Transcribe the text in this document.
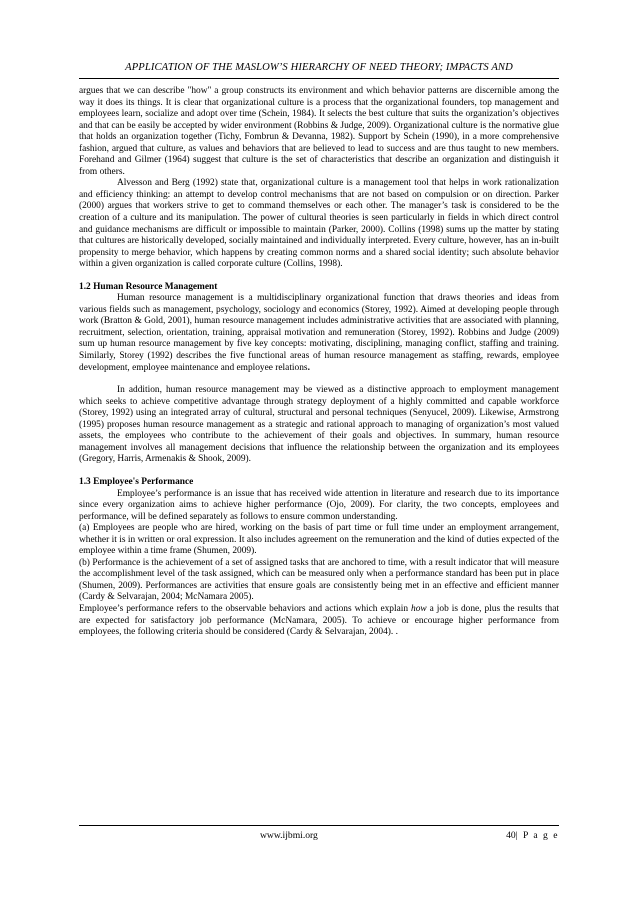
APPLICATION OF THE MASLOW’S HIERARCHY OF NEED THEORY; IMPACTS AND

argues that we can describe "how" a group constructs its environment and which behavior patterns are discernible among the way it does its things. It is clear that organizational culture is a process that the organizational founders, top management and employees learn, socialize and adopt over time (Schein, 1984). It selects the best culture that suits the organization’s objectives and that can be easily be accepted by wider environment (Robbins & Judge, 2009). Organizational culture is the normative glue that holds an organization together (Tichy, Fombrun & Devanna, 1982). Support by Schein (1990), in a more comprehensive fashion, argued that culture, as values and behaviors that are believed to lead to success and are thus taught to new members. Forehand and Gilmer (1964) suggest that culture is the set of characteristics that describe an organization and distinguish it from others.

Alvesson and Berg (1992) state that, organizational culture is a management tool that helps in work rationalization and efficiency thinking: an attempt to develop control mechanisms that are not based on compulsion or on direction. Parker (2000) argues that workers strive to get to command themselves or each other. The manager’s task is considered to be the creation of a culture and its manipulation. The power of cultural theories is seen particularly in fields in which direct control and guidance mechanisms are difficult or impossible to maintain (Parker, 2000). Collins (1998) sums up the matter by stating that cultures are historically developed, socially maintained and individually interpreted. Every culture, however, has an in-built propensity to merge behavior, which happens by creating common norms and a shared social identity; such absolute behavior within a given organization is called corporate culture (Collins, 1998).

1.2 Human Resource Management

Human resource management is a multidisciplinary organizational function that draws theories and ideas from various fields such as management, psychology, sociology and economics (Storey, 1992). Aimed at developing people through work (Bratton & Gold, 2001), human resource management includes administrative activities that are associated with planning, recruitment, selection, orientation, training, appraisal motivation and remuneration (Storey, 1992). Robbins and Judge (2009) sum up human resource management by five key concepts: motivating, disciplining, managing conflict, staffing and training. Similarly, Storey (1992) describes the five functional areas of human resource management as staffing, rewards, employee development, employee maintenance and employee relations.

In addition, human resource management may be viewed as a distinctive approach to employment management which seeks to achieve competitive advantage through strategy deployment of a highly committed and capable workforce (Storey, 1992) using an integrated array of cultural, structural and personal techniques (Senyucel, 2009). Likewise, Armstrong (1995) proposes human resource management as a strategic and rational approach to managing of organization’s most valued assets, the employees who contribute to the achievement of their goals and objectives. In summary, human resource management involves all management decisions that influence the relationship between the organization and its employees (Gregory, Harris, Armenakis & Shook, 2009).

1.3 Employee's Performance

Employee’s performance is an issue that has received wide attention in literature and research due to its importance since every organization aims to achieve higher performance (Ojo, 2009). For clarity, the two concepts, employees and performance, will be defined separately as follows to ensure common understanding.

(a) Employees are people who are hired, working on the basis of part time or full time under an employment arrangement, whether it is in written or oral expression. It also includes agreement on the remuneration and the kind of duties expected of the employee within a time frame (Shumen, 2009).

(b) Performance is the achievement of a set of assigned tasks that are anchored to time, with a result indicator that will measure the accomplishment level of the task assigned, which can be measured only when a performance standard has been put in place (Shumen, 2009). Performances are activities that ensure goals are consistently being met in an effective and efficient manner (Cardy & Selvarajan, 2004; McNamara 2005).

Employee’s performance refers to the observable behaviors and actions which explain how a job is done, plus the results that are expected for satisfactory job performance (McNamara, 2005). To achieve or encourage higher performance from employees, the following criteria should be considered (Cardy & Selvarajan, 2004). .

www.ijbmi.org	40| P a g e
